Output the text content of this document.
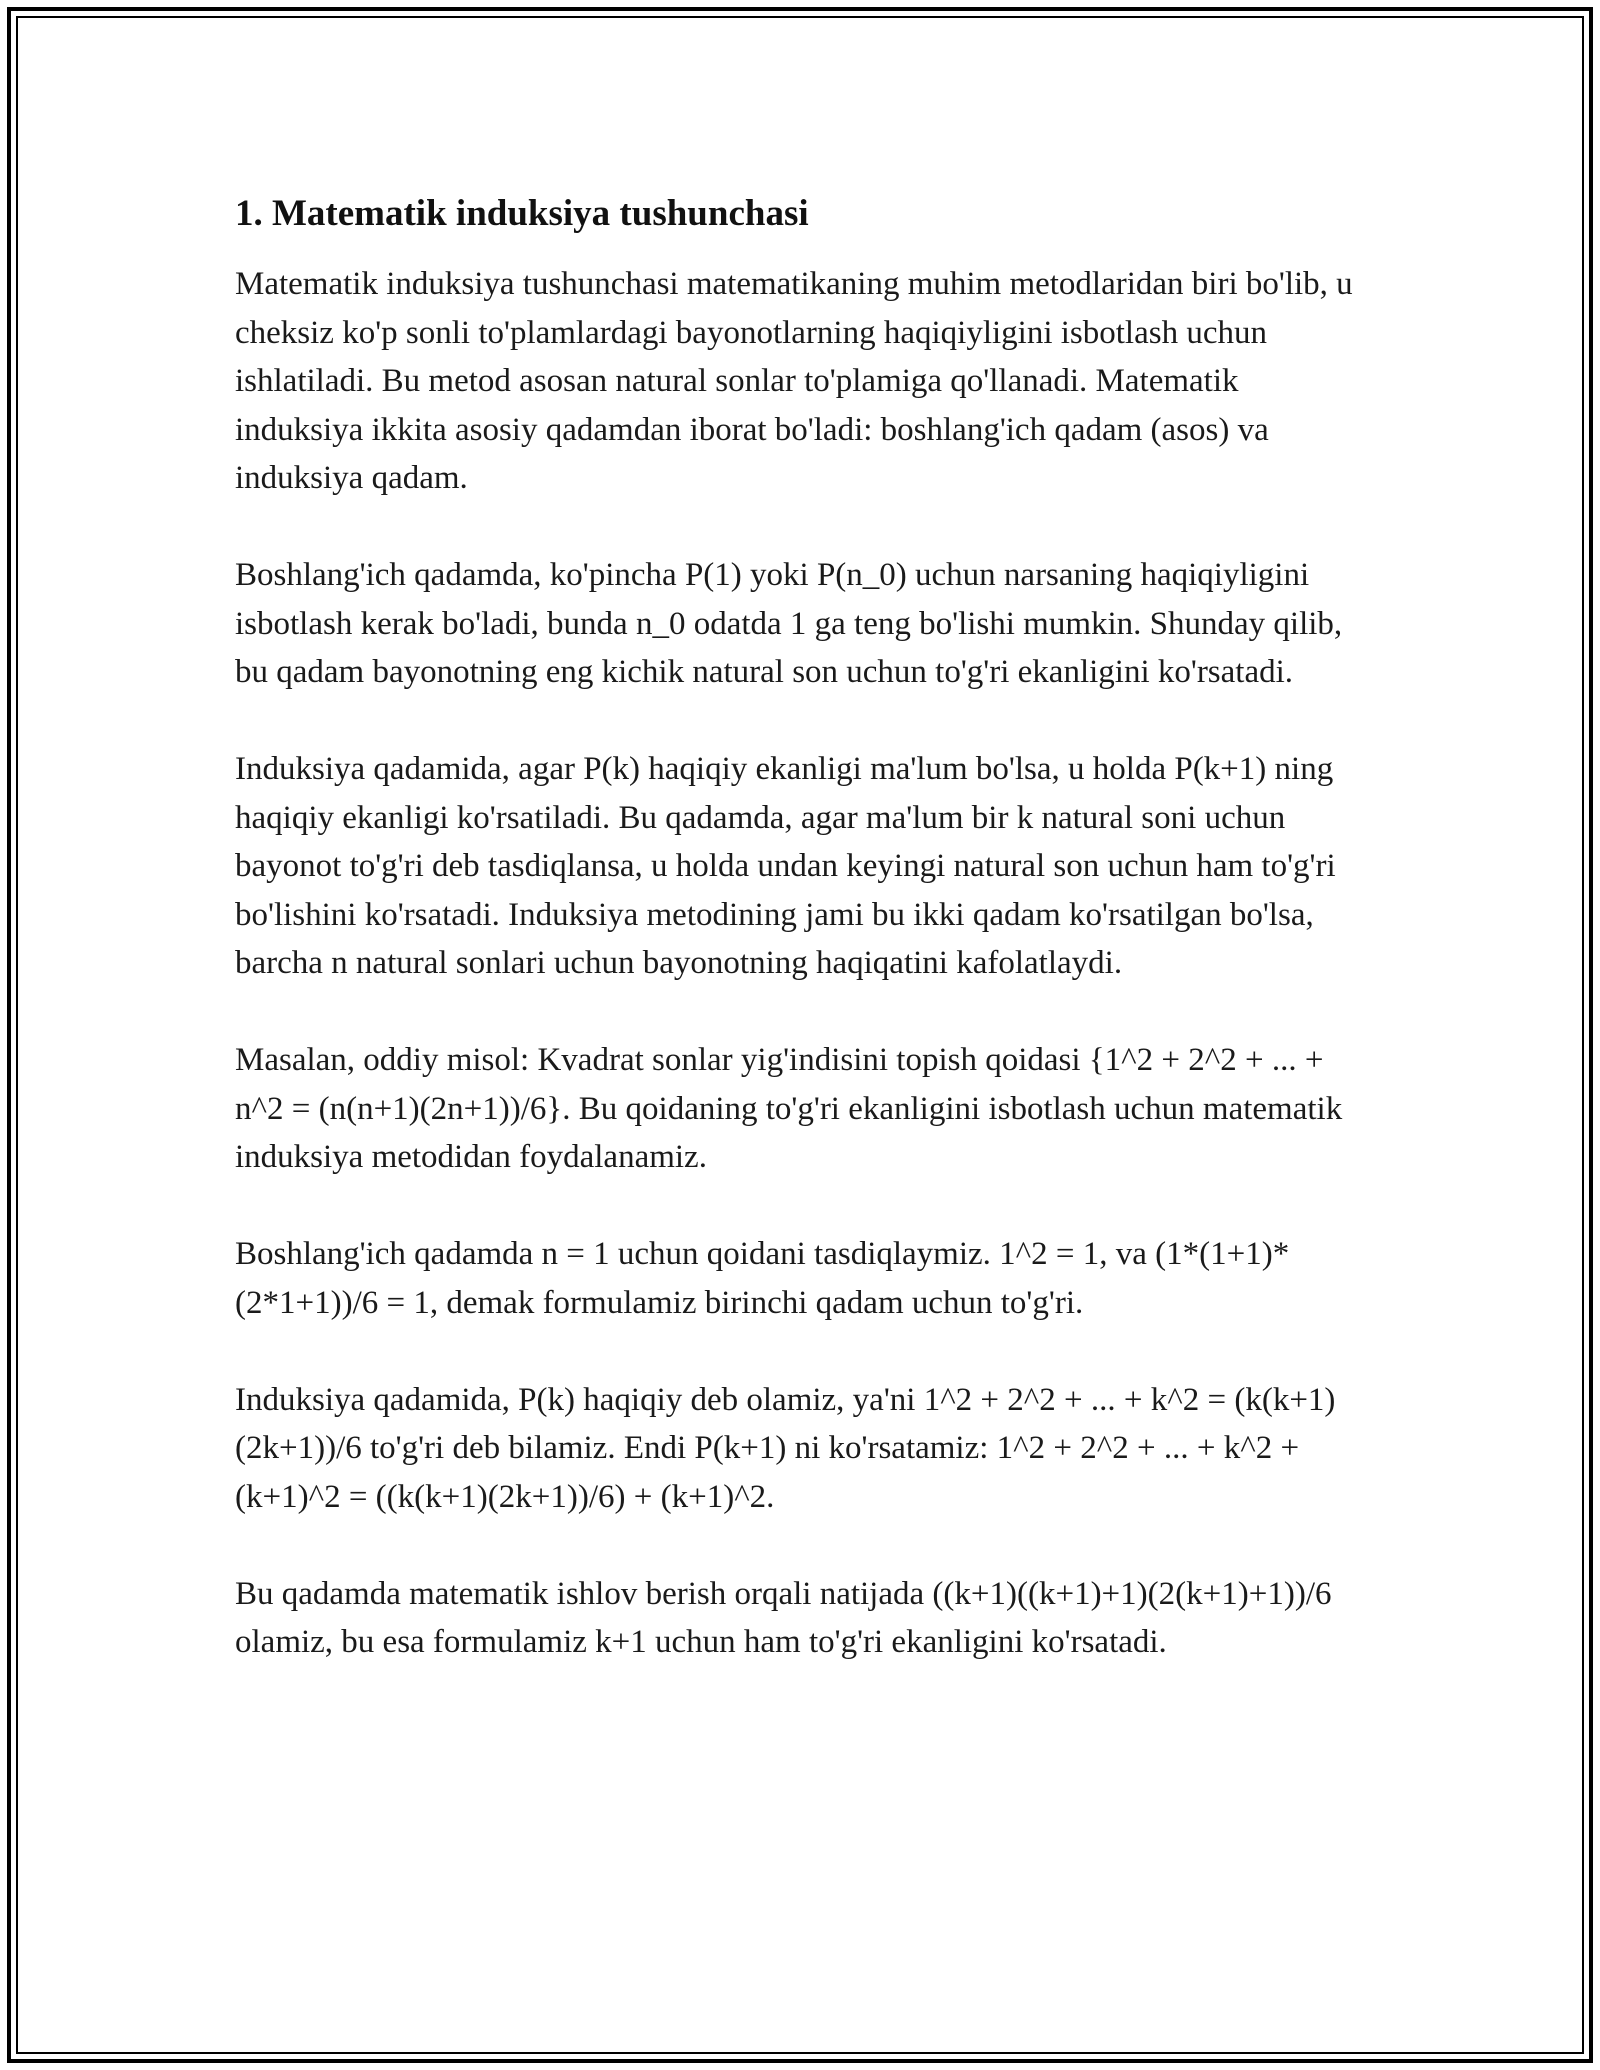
1. Matematik induksiya tushunchasi

Matematik induksiya tushunchasi matematikaning muhim metodlaridan biri bo'lib, u cheksiz ko'p sonli to'plamlardagi bayonotlarning haqiqiyligini isbotlash uchun ishlatiladi. Bu metod asosan natural sonlar to'plamiga qo'llanadi. Matematik induksiya ikkita asosiy qadamdan iborat bo'ladi: boshlang'ich qadam (asos) va induksiya qadam.

Boshlang'ich qadamda, ko'pincha P(1) yoki P(n_0) uchun narsaning haqiqiyligini isbotlash kerak bo'ladi, bunda n_0 odatda 1 ga teng bo'lishi mumkin. Shunday qilib, bu qadam bayonotning eng kichik natural son uchun to'g'ri ekanligini ko'rsatadi.

Induksiya qadamida, agar P(k) haqiqiy ekanligi ma'lum bo'lsa, u holda P(k+1) ning haqiqiy ekanligi ko'rsatiladi. Bu qadamda, agar ma'lum bir k natural soni uchun bayonot to'g'ri deb tasdiqlansa, u holda undan keyingi natural son uchun ham to'g'ri bo'lishini ko'rsatadi. Induksiya metodining jami bu ikki qadam ko'rsatilgan bo'lsa, barcha n natural sonlari uchun bayonotning haqiqatini kafolatlaydi.

Masalan, oddiy misol: Kvadrat sonlar yig'indisini topish qoidasi {1^2 + 2^2 + ... + n^2 = (n(n+1)(2n+1))/6}. Bu qoidaning to'g'ri ekanligini isbotlash uchun matematik induksiya metodidan foydalanamiz.

Boshlang'ich qadamda n = 1 uchun qoidani tasdiqlaymiz. 1^2 = 1, va (1*(1+1)*(2*1+1))/6 = 1, demak formulamiz birinchi qadam uchun to'g'ri.

Induksiya qadamida, P(k) haqiqiy deb olamiz, ya'ni 1^2 + 2^2 + ... + k^2 = (k(k+1)(2k+1))/6 to'g'ri deb bilamiz. Endi P(k+1) ni ko'rsatamiz: 1^2 + 2^2 + ... + k^2 + (k+1)^2 = ((k(k+1)(2k+1))/6) + (k+1)^2.

Bu qadamda matematik ishlov berish orqali natijada ((k+1)((k+1)+1)(2(k+1)+1))/6 olamiz, bu esa formulamiz k+1 uchun ham to'g'ri ekanligini ko'rsatadi.
